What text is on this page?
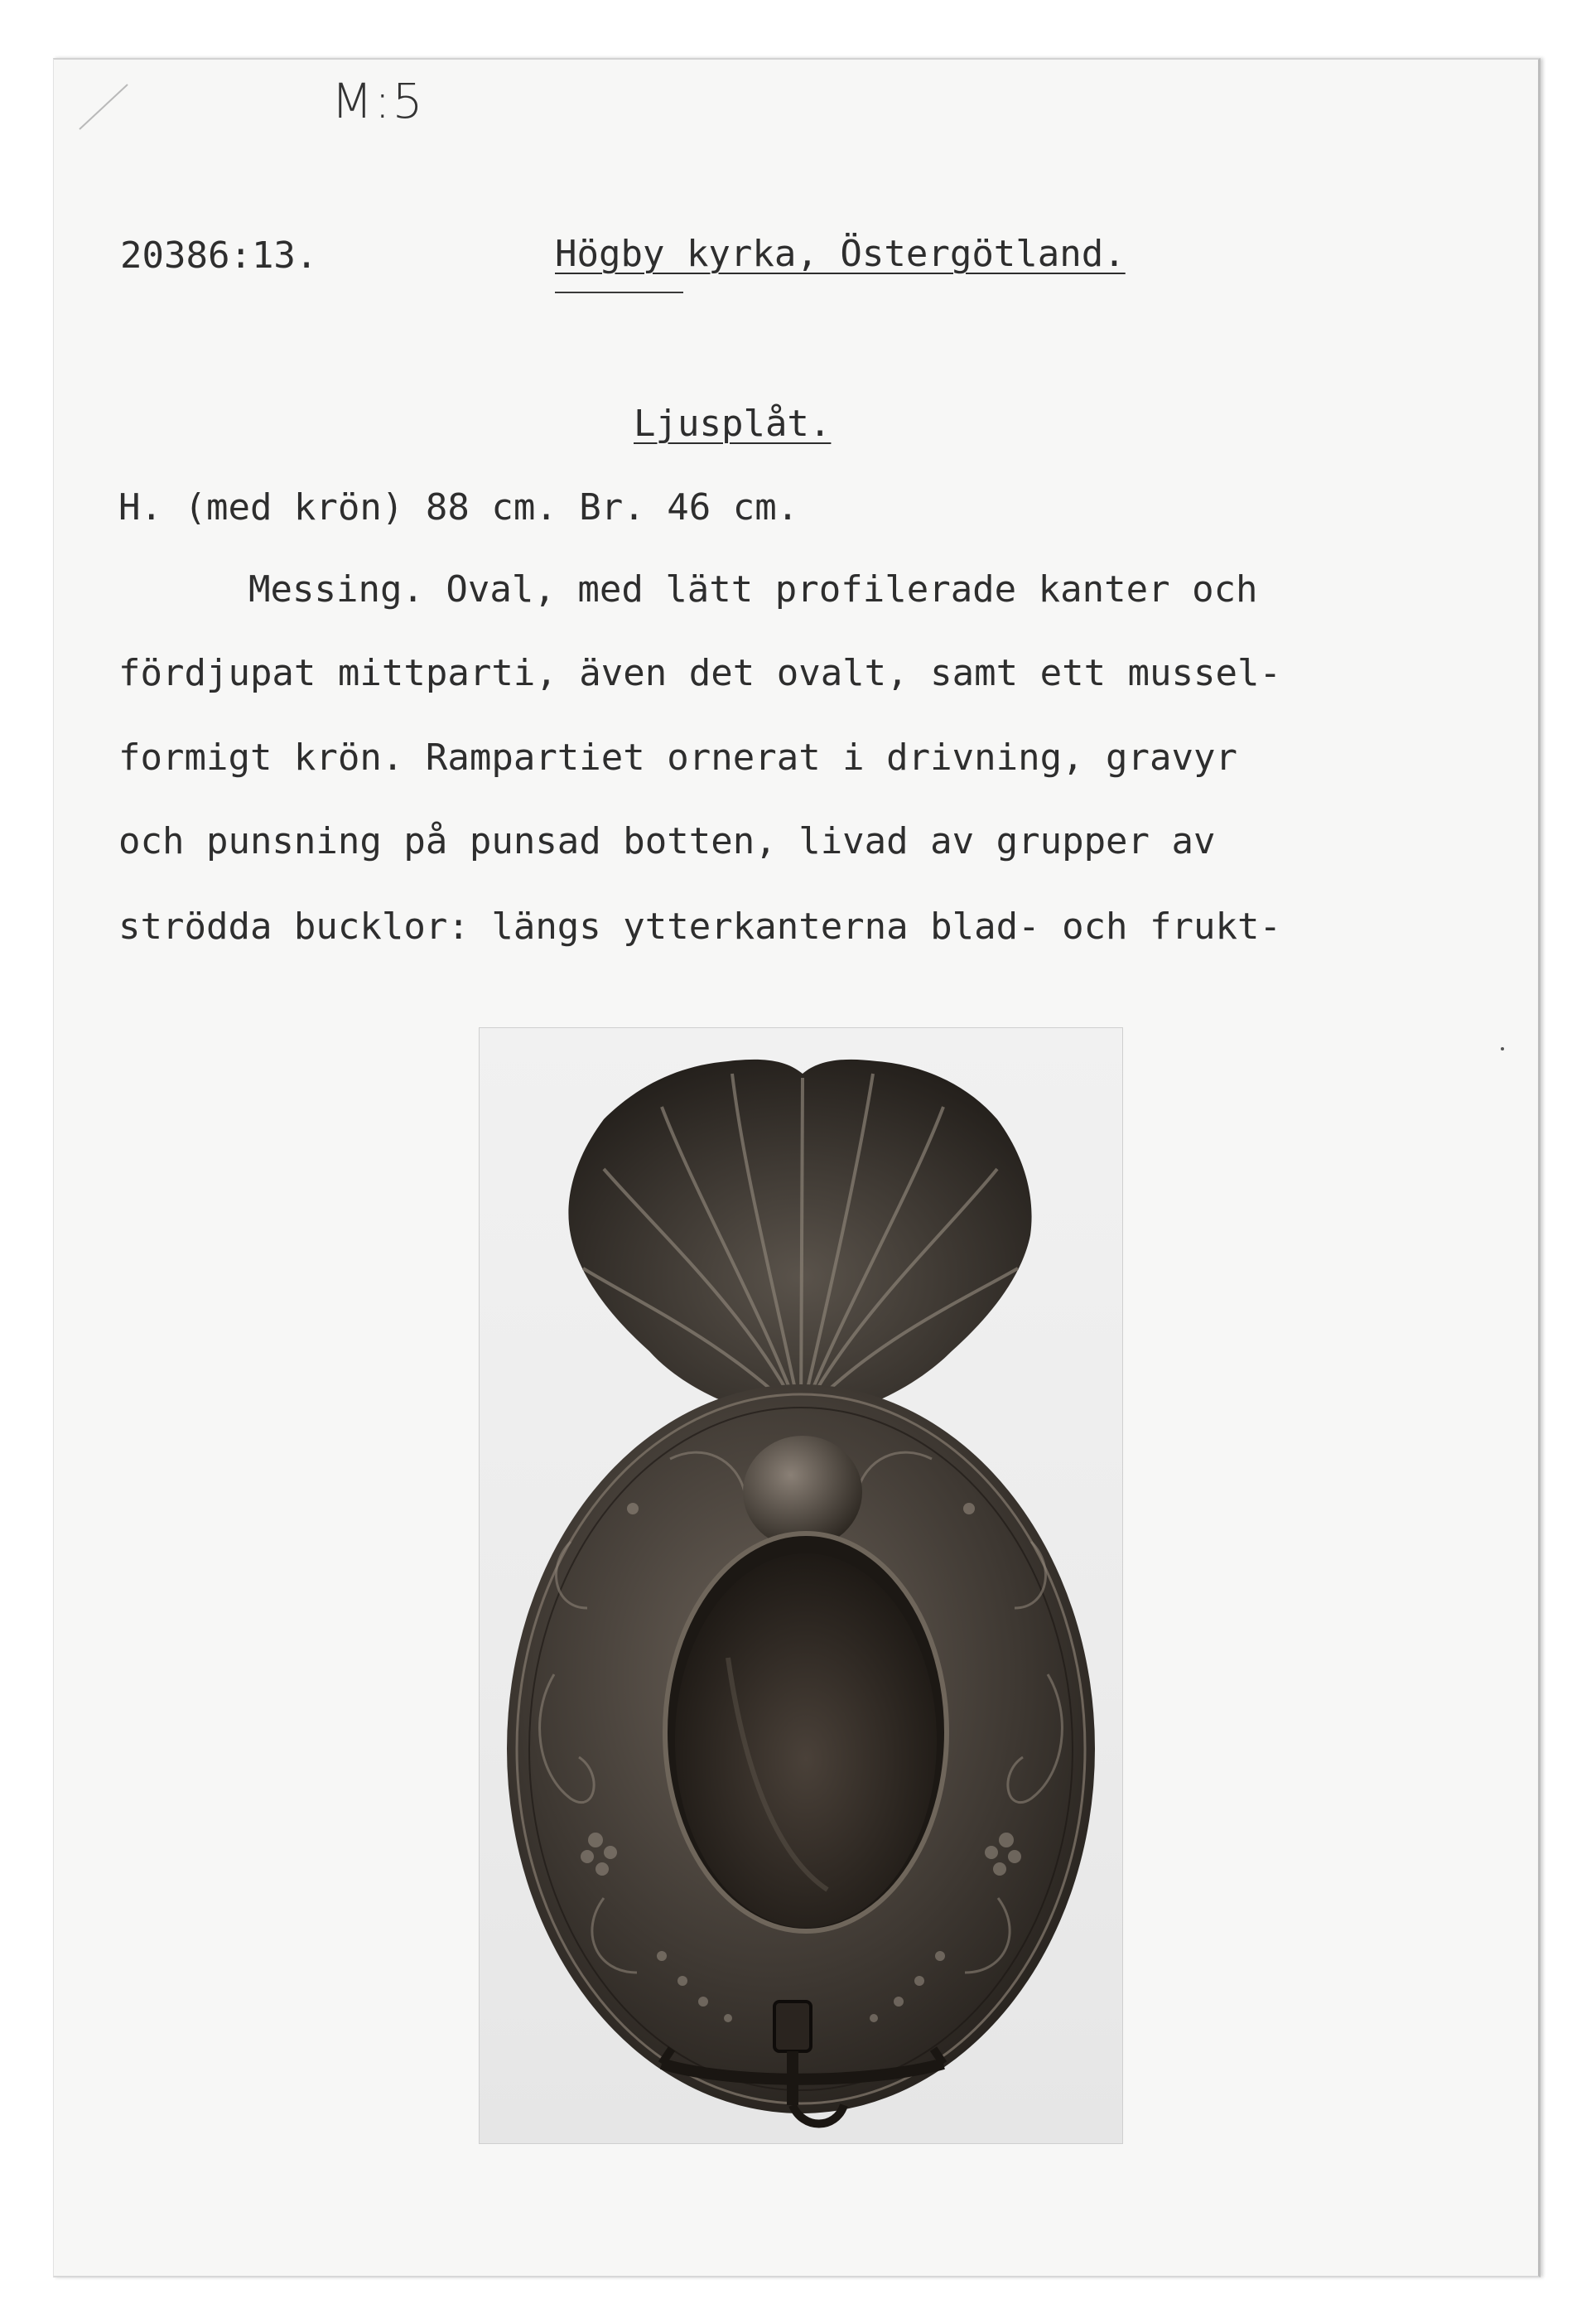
M:5
20386:13.	Högby kyrka, Östergötland.
Ljusplåt.
H. (med krön) 88 cm. Br. 46 cm.
Messing. Oval, med lätt profilerade kanter och
fördjupat mittparti, även det ovalt, samt ett mussel-
formigt krön. Rampartiet ornerat i drivning, gravyr
och punsning på punsad botten, livad av grupper av
strödda bucklor: längs ytterkanterna blad- och frukt-
